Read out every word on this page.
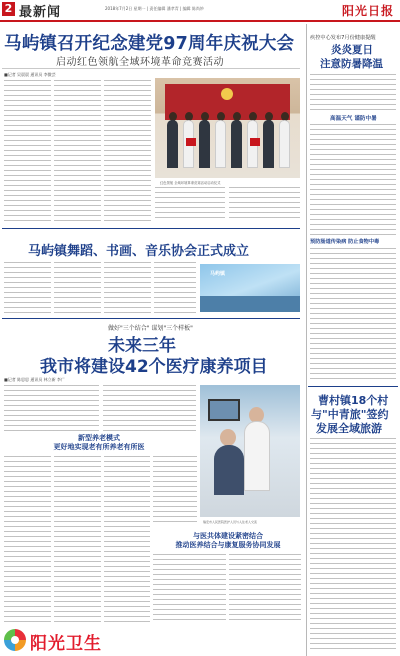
2 最新闻	2018年7月2日 星期一 | 责任编辑 潘孝青 | 编辑 陈尚妙	阳光日报
马屿镇召开纪念建党97周年庆祝大会
启动红色领航全域环境革命竞赛活动
■记者 吴晨晨 通讯员 李微芸
红色领航 全域环境革命竞赛活动启动仪式
马屿镇舞蹈、书画、音乐协会正式成立
马屿镇
做好"三个结合" 谋划"三个样板"
未来三年
我市将建设42个医疗康养项目
■记者 陈思思 通讯员 林立新 李广
新型养老模式
更好地实现老有所养老有所医
瑞安市人民医院医护人员与入住老人交流
与医共体建设紧密结合
推动医养结合与康复服务协同发展
疾控中心发布7月份健康提醒
炎炎夏日
注意防暑降温
高温天气 谨防中暑
预防肠道传染病 防止食物中毒
曹村镇18个村
与"中青旅"签约
发展全域旅游
阳光卫生
